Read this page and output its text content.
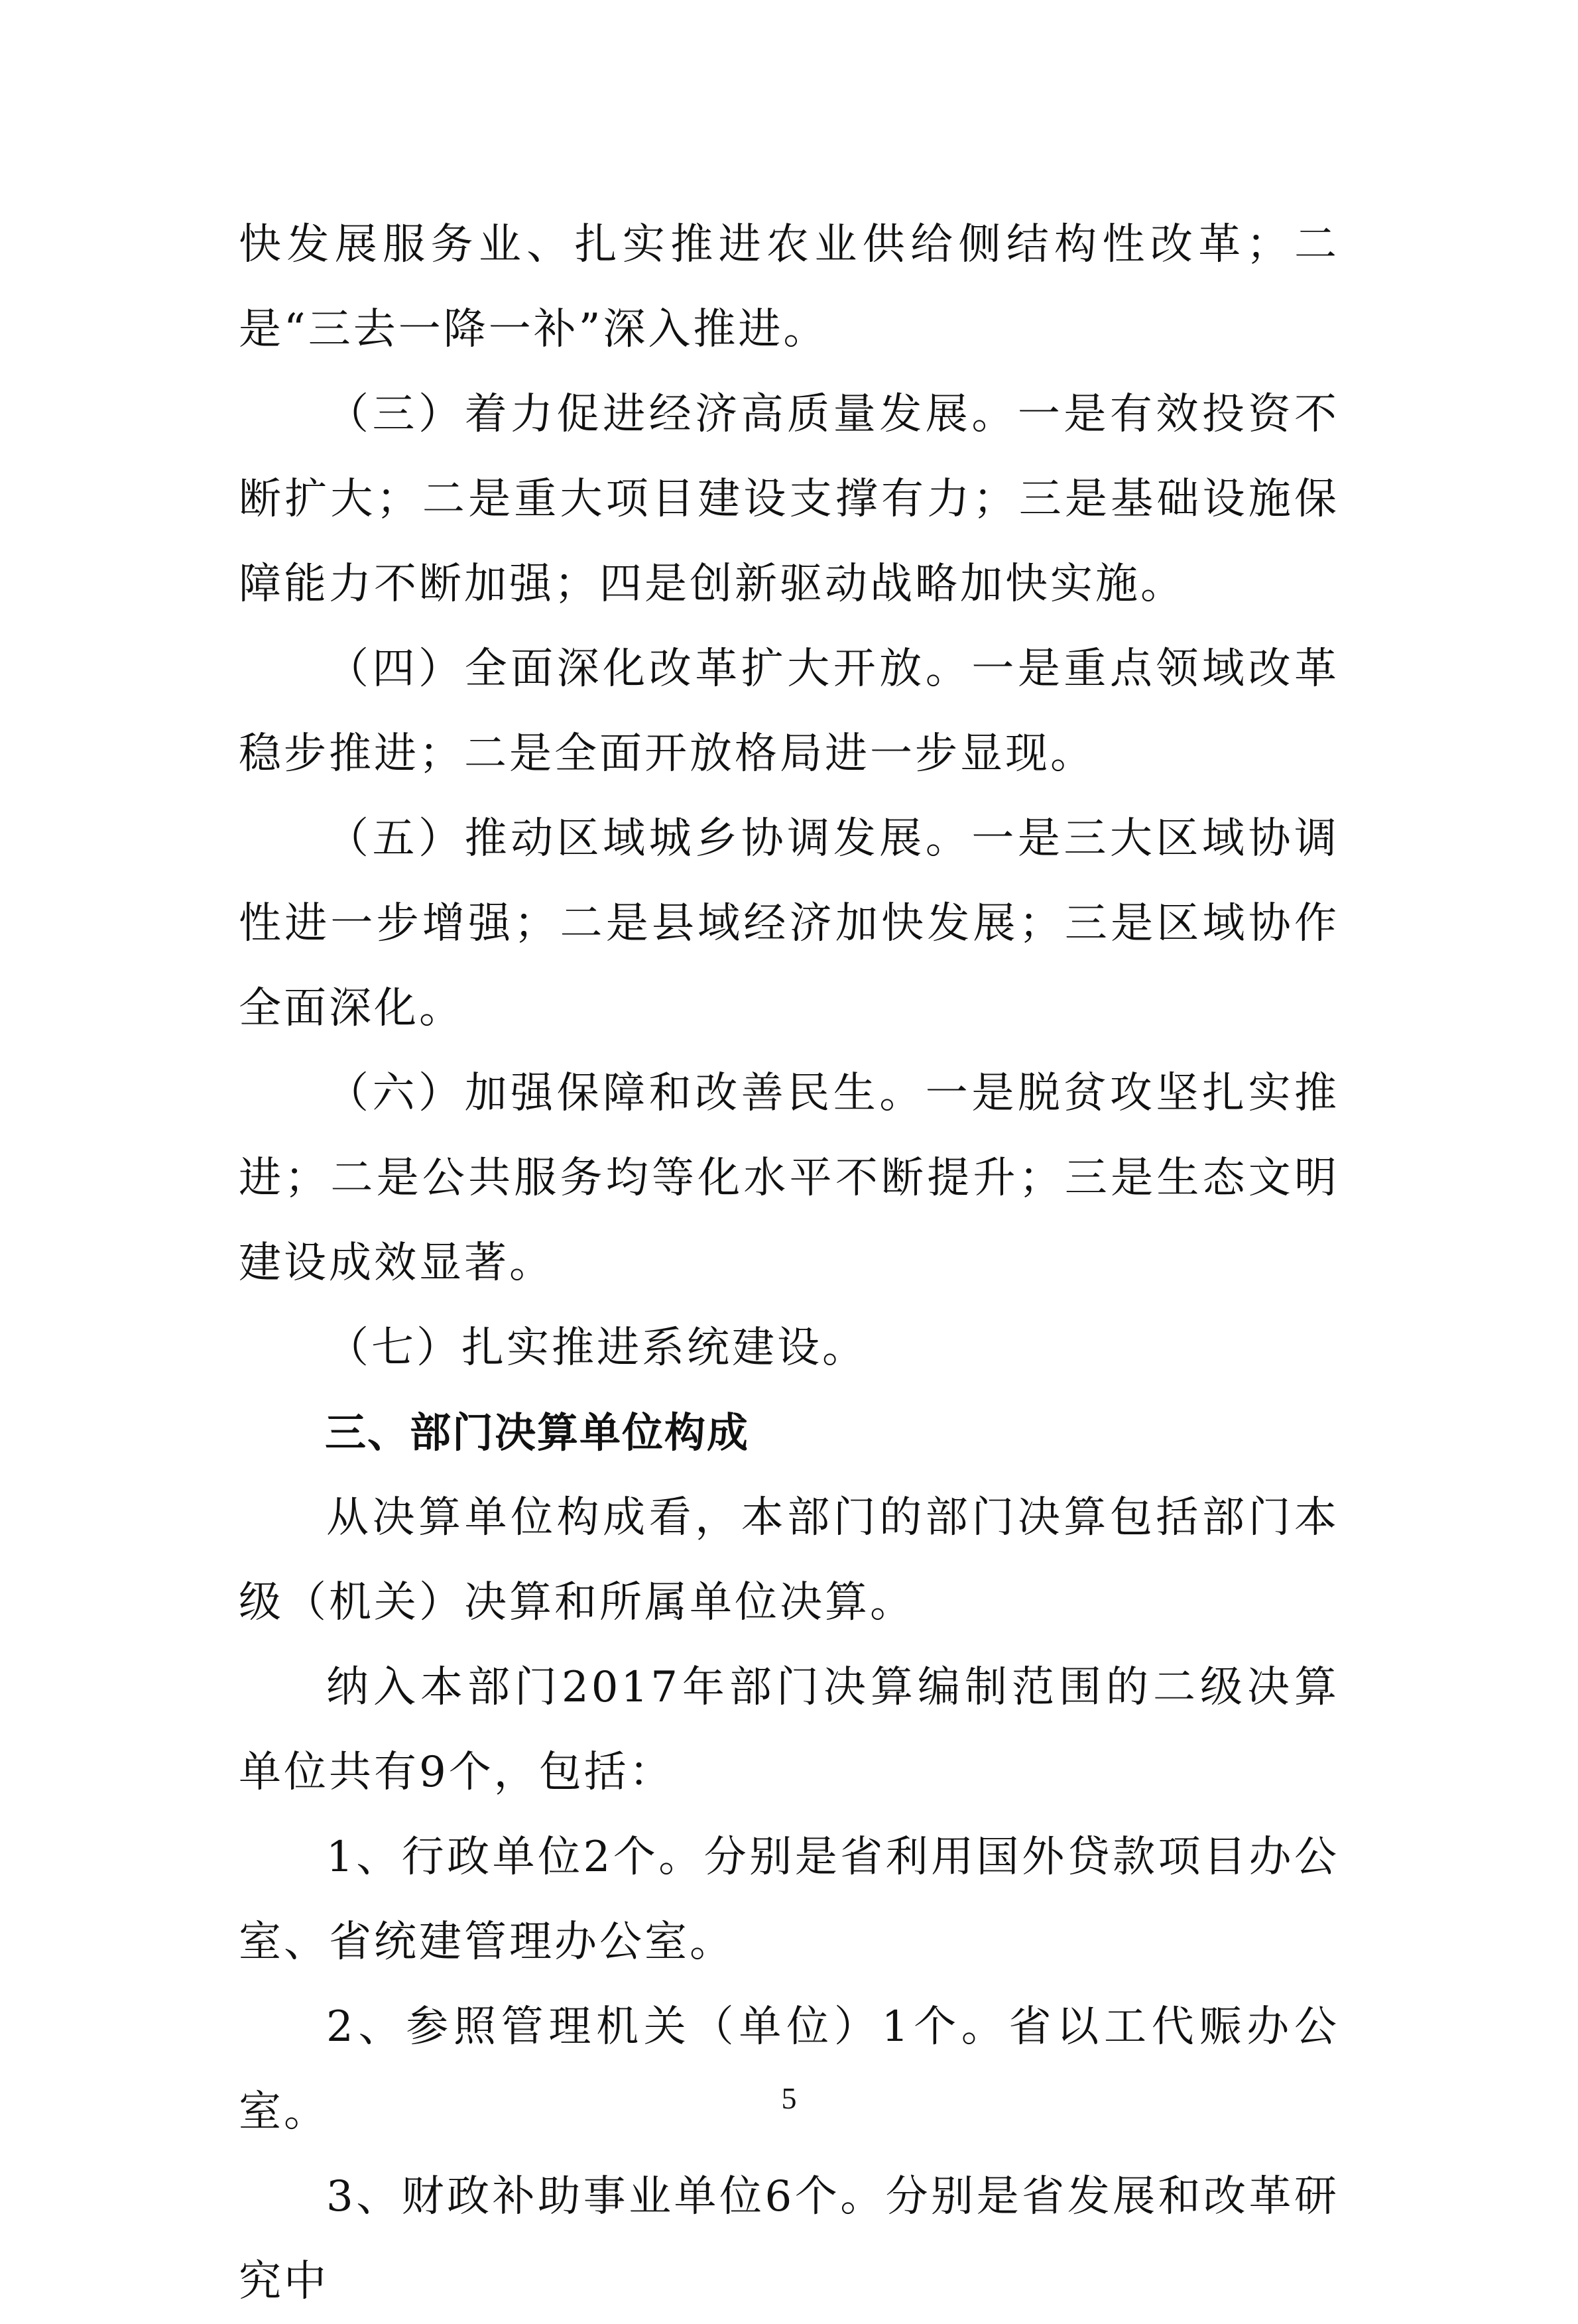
快发展服务业、扎实推进农业供给侧结构性改革；二是“三去一降一补”深入推进。

（三）着力促进经济高质量发展。一是有效投资不断扩大；二是重大项目建设支撑有力；三是基础设施保障能力不断加强；四是创新驱动战略加快实施。

（四）全面深化改革扩大开放。一是重点领域改革稳步推进；二是全面开放格局进一步显现。

（五）推动区域城乡协调发展。一是三大区域协调性进一步增强；二是县域经济加快发展；三是区域协作全面深化。

（六）加强保障和改善民生。一是脱贫攻坚扎实推进；二是公共服务均等化水平不断提升；三是生态文明建设成效显著。

（七）扎实推进系统建设。

三、部门决算单位构成

从决算单位构成看，本部门的部门决算包括部门本级（机关）决算和所属单位决算。

纳入本部门2017年部门决算编制范围的二级决算单位共有9个，包括：

1、行政单位2个。分别是省利用国外贷款项目办公室、省统建管理办公室。

2、参照管理机关（单位）1个。省以工代赈办公室。

3、财政补助事业单位6个。分别是省发展和改革研究中

5
